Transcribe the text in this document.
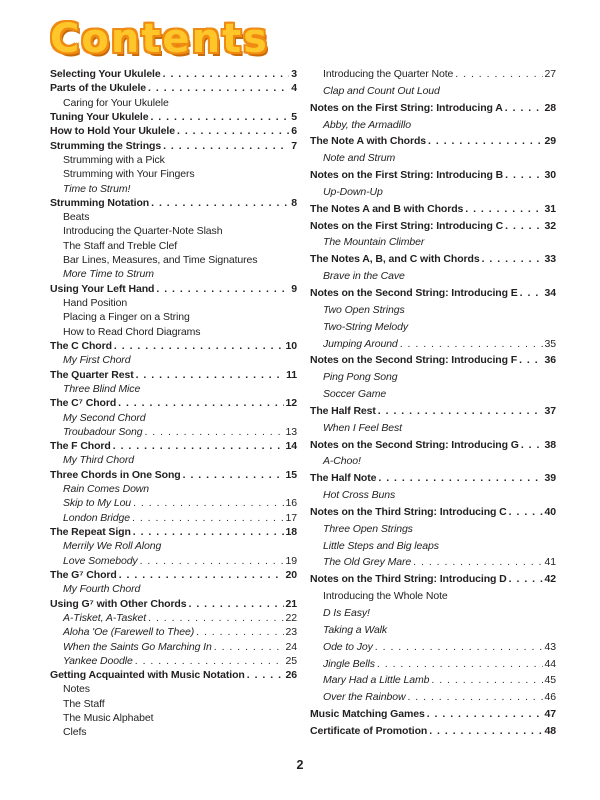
Contents
Selecting Your Ukulele . . .	3
Parts of the Ukulele . . .	4
Caring for Your Ukulele
Tuning Your Ukulele . . .	5
How to Hold Your Ukulele . . .	6
Strumming the Strings . . .	7
Strumming with a Pick
Strumming with Your Fingers
Time to Strum!
Strumming Notation . . .	8
Beats
Introducing the Quarter-Note Slash
The Staff and Treble Clef
Bar Lines, Measures, and Time Signatures
More Time to Strum
Using Your Left Hand . . .	9
Hand Position
Placing a Finger on a String
How to Read Chord Diagrams
The C Chord . . .	10
My First Chord
The Quarter Rest . . .	11
Three Blind Mice
The C⁷ Chord . . .	12
My Second Chord
Troubadour Song . . .	13
The F Chord . . .	14
My Third Chord
Three Chords in One Song . . .	15
Rain Comes Down
Skip to My Lou . . .	16
London Bridge . . .	17
The Repeat Sign . . .	18
Merrily We Roll Along
Love Somebody . . .	19
The G⁷ Chord . . .	20
My Fourth Chord
Using G⁷ with Other Chords . . .	21
A-Tisket, A-Tasket . . .	22
Aloha 'Oe (Farewell to Thee) . . .	23
When the Saints Go Marching In . . .	24
Yankee Doodle . . .	25
Getting Acquainted with Music Notation . . .	26
Notes
The Staff
The Music Alphabet
Clefs
Introducing the Quarter Note . . .	27
Clap and Count Out Loud
Notes on the First String: Introducing A . . .	28
Abby, the Armadillo
The Note A with Chords . . .	29
Note and Strum
Notes on the First String: Introducing B . . .	30
Up-Down-Up
The Notes A and B with Chords . . .	31
Notes on the First String: Introducing C . . .	32
The Mountain Climber
The Notes A, B, and C with Chords . . .	33
Brave in the Cave
Notes on the Second String: Introducing E . . .	34
Two Open Strings
Two-String Melody
Jumping Around . . .	35
Notes on the Second String: Introducing F . . .	36
Ping Pong Song
Soccer Game
The Half Rest . . .	37
When I Feel Best
Notes on the Second String: Introducing G . . . 38
A-Choo!
The Half Note . . .	39
Hot Cross Buns
Notes on the Third String: Introducing C . . .	40
Three Open Strings
Little Steps and Big leaps
The Old Grey Mare . . .	41
Notes on the Third String: Introducing D . . .	42
Introducing the Whole Note
D Is Easy!
Taking a Walk
Ode to Joy . . .	43
Jingle Bells . . .	44
Mary Had a Little Lamb . . .	45
Over the Rainbow . . .	46
Music Matching Games . . .	47
Certificate of Promotion . . .	48
2
